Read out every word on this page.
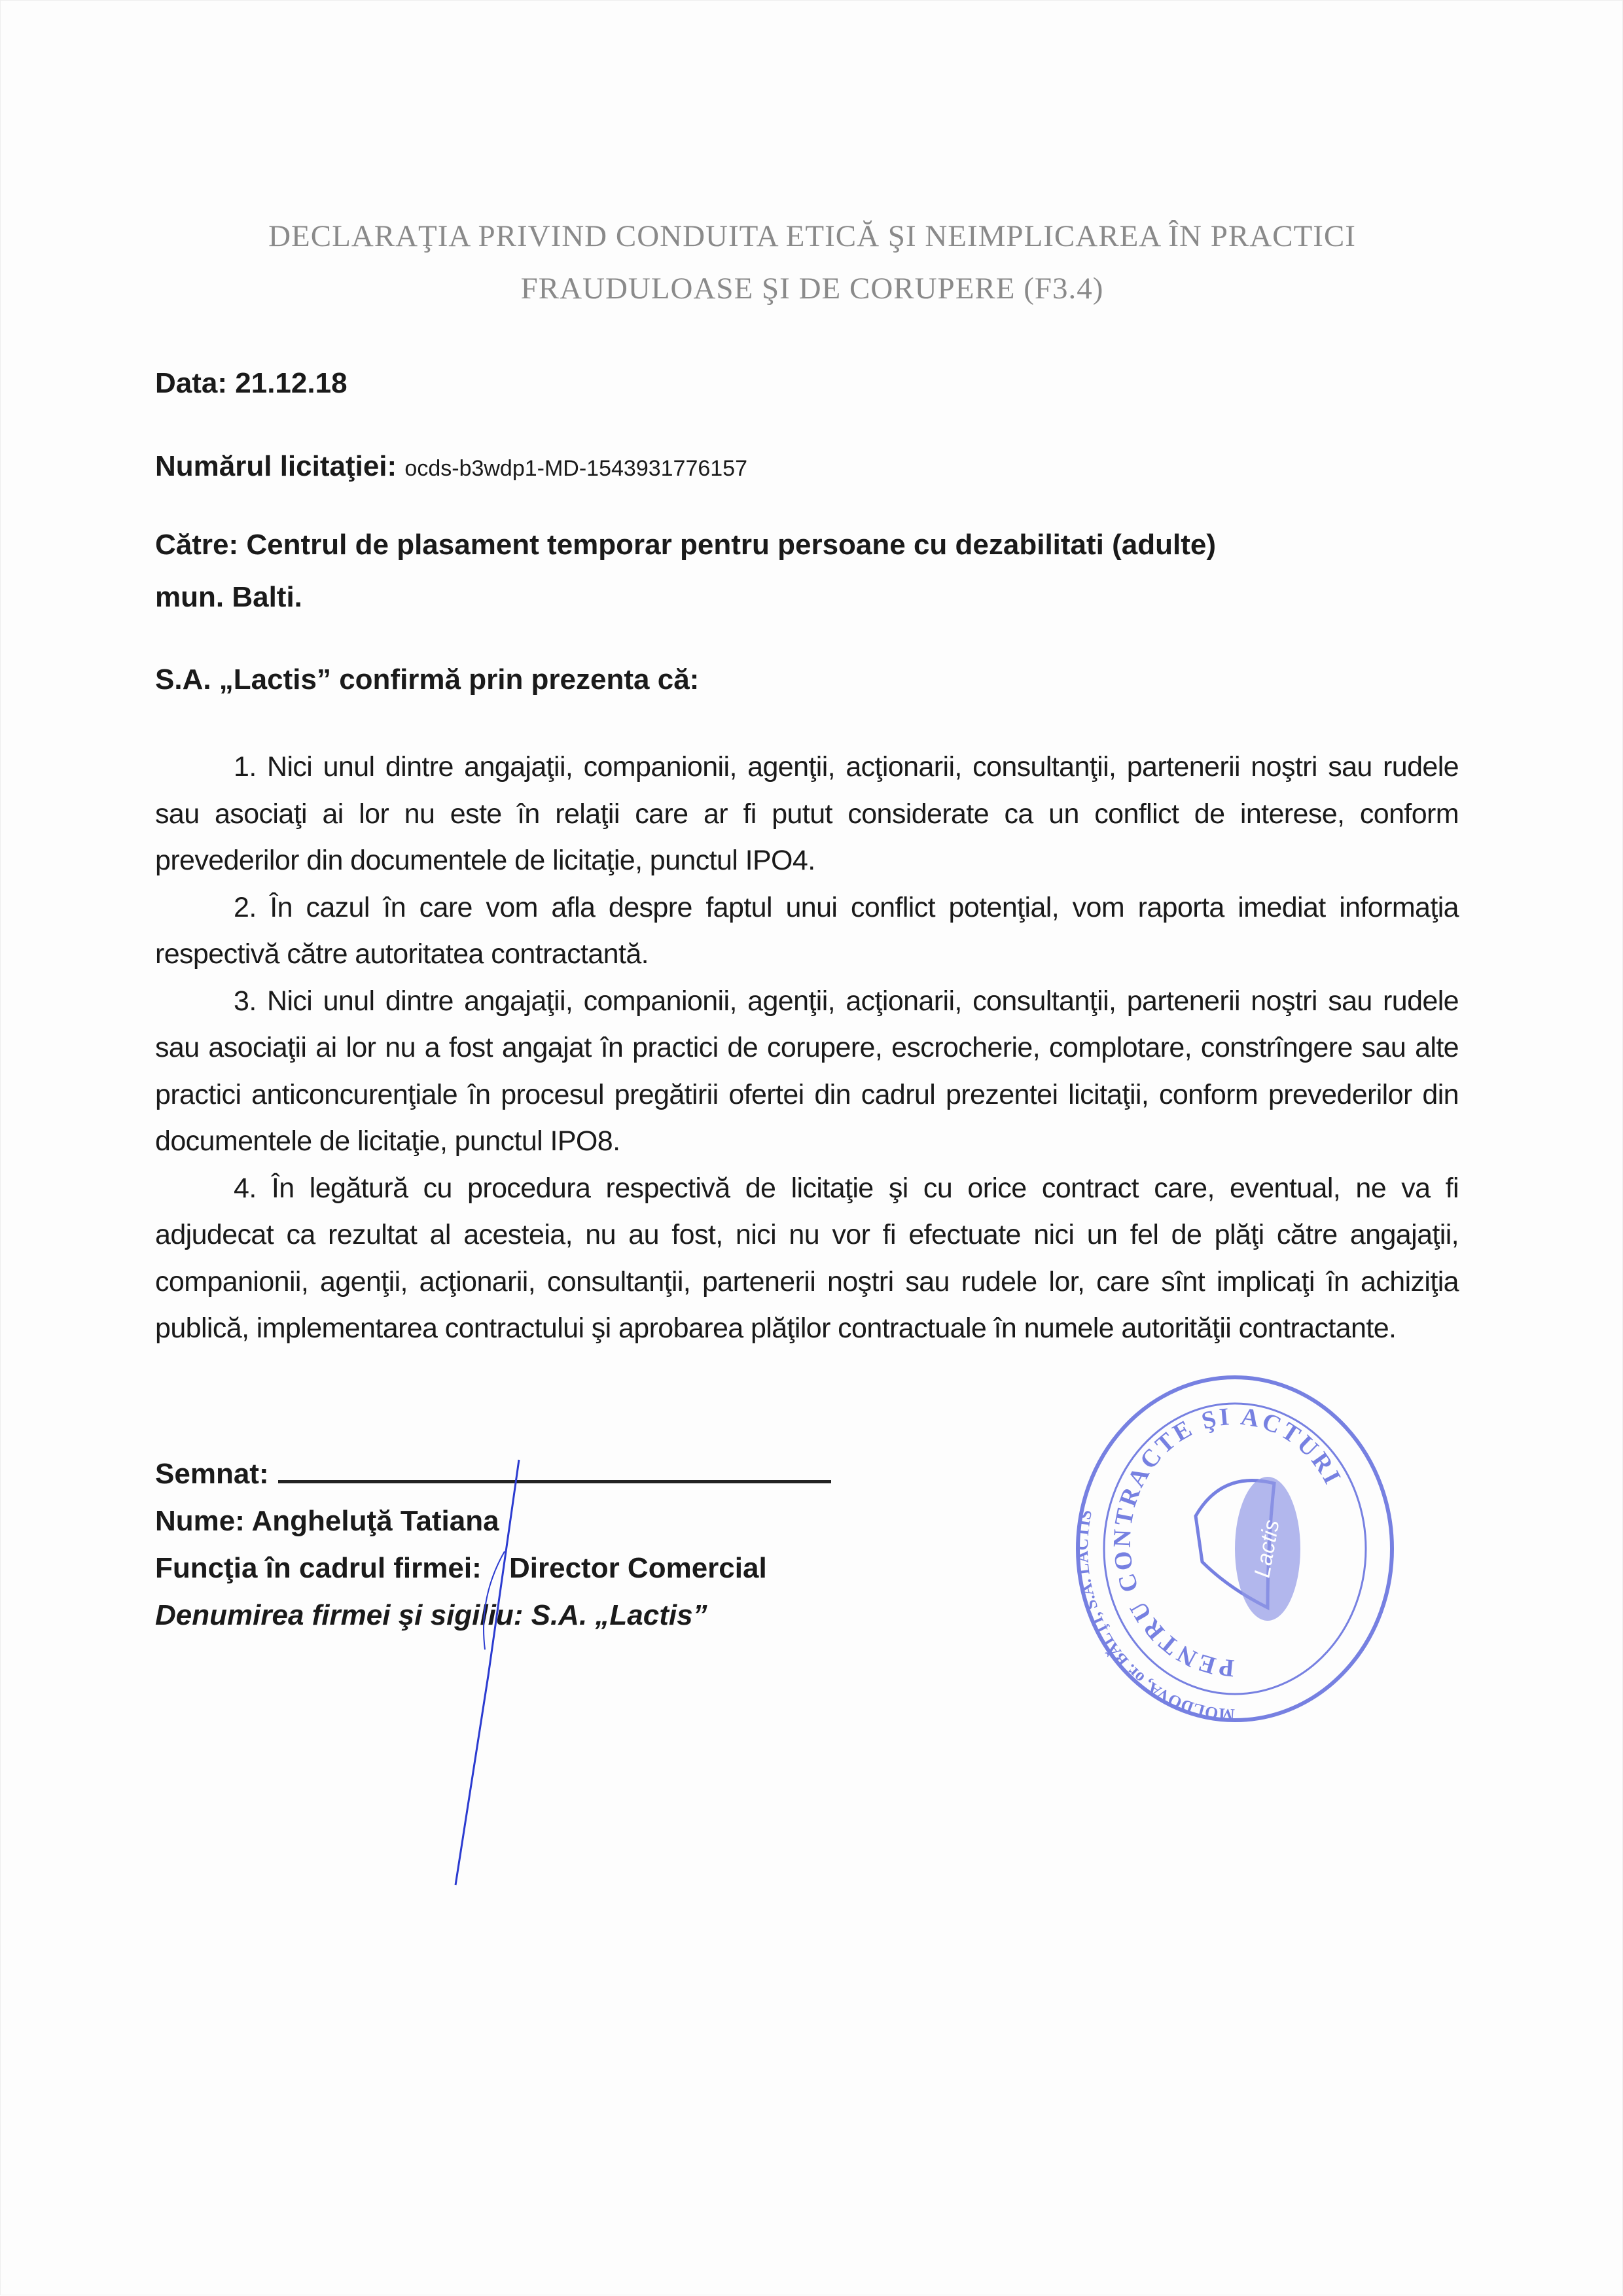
DECLARAŢIA PRIVIND CONDUITA ETICĂ ŞI NEIMPLICAREA ÎN PRACTICI
FRAUDULOASE ŞI DE CORUPERE (F3.4)
Data: 21.12.18
Numărul licitaţiei: ocds-b3wdp1-MD-1543931776157
Către: Centrul de plasament temporar pentru persoane cu dezabilitati (adulte)
mun. Balti.
S.A. „Lactis” confirmă prin prezenta că:

1. Nici unul dintre angajaţii, companionii, agenţii, acţionarii, consultanţii, partenerii noştri sau rudele sau asociaţi ai lor nu este în relaţii care ar fi putut considerate ca un conflict de interese, conform prevederilor din documentele de licitaţie, punctul IPO4.

2. În cazul în care vom afla despre faptul unui conflict potenţial, vom raporta imediat informaţia respectivă către autoritatea contractantă.

3. Nici unul dintre angajaţii, companionii, agenţii, acţionarii, consultanţii, partenerii noştri sau rudele sau asociaţii ai lor nu a fost angajat în practici de corupere, escrocherie, complotare, constrîngere sau alte practici anticoncurenţiale în procesul pregătirii ofertei din cadrul prezentei licitaţii, conform prevederilor din documentele de licitaţie, punctul IPO8.

4. În legătură cu procedura respectivă de licitaţie şi cu orice contract care, eventual, ne va fi adjudecat ca rezultat al acesteia, nu au fost, nici nu vor fi efectuate nici un fel de plăţi către angajaţii, companionii, agenţii, acţionarii, consultanţii, partenerii noştri sau rudele lor, care sînt implicaţi în achiziţia publică, implementarea contractului şi aprobarea plăţilor contractuale în numele autorităţii contractante.

Semnat:
Nume: Angheluţă Tatiana
Funcţia în cadrul firmei: Director Comercial
Denumirea firmei şi sigiliu: S.A. „Lactis”
MOLDOVA, or. BĂLŢI, S.A. LACTIS
PENTRU CONTRACTE ŞI ACTURI
Lactis
